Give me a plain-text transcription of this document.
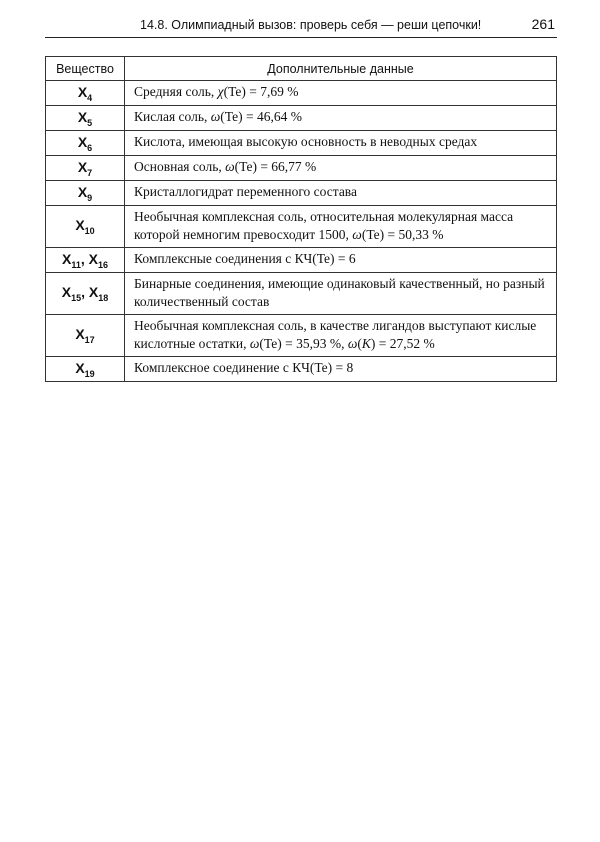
14.8. Олимпиадный вызов: проверь себя — реши цепочки!	261
Вещество	Дополнительные данные
$X_4$	Средняя соль, χ(Te) = 7,69 %
$X_5$	Кислая соль, ω(Te) = 46,64 %
$X_6$	Кислота, имеющая высокую основность в неводных средах
$X_7$	Основная соль, ω(Te) = 66,77 %
$X_9$	Кристаллогидрат переменного состава
$X_{10}$	Необычная комплексная соль, относительная молекулярная масса которой немногим превосходит 1500, ω(Te) = 50,33 %
$X_{11}$, $X_{16}$	Комплексные соединения с КЧ(Te) = 6
$X_{15}$, $X_{18}$	Бинарные соединения, имеющие одинаковый качественный, но разный количественный состав
$X_{17}$	Необычная комплексная соль, в качестве лигандов выступают кислые кислотные остатки, ω(Te) = 35,93 %, ω(K) = 27,52 %
$X_{19}$	Комплексное соединение с КЧ(Te) = 8
